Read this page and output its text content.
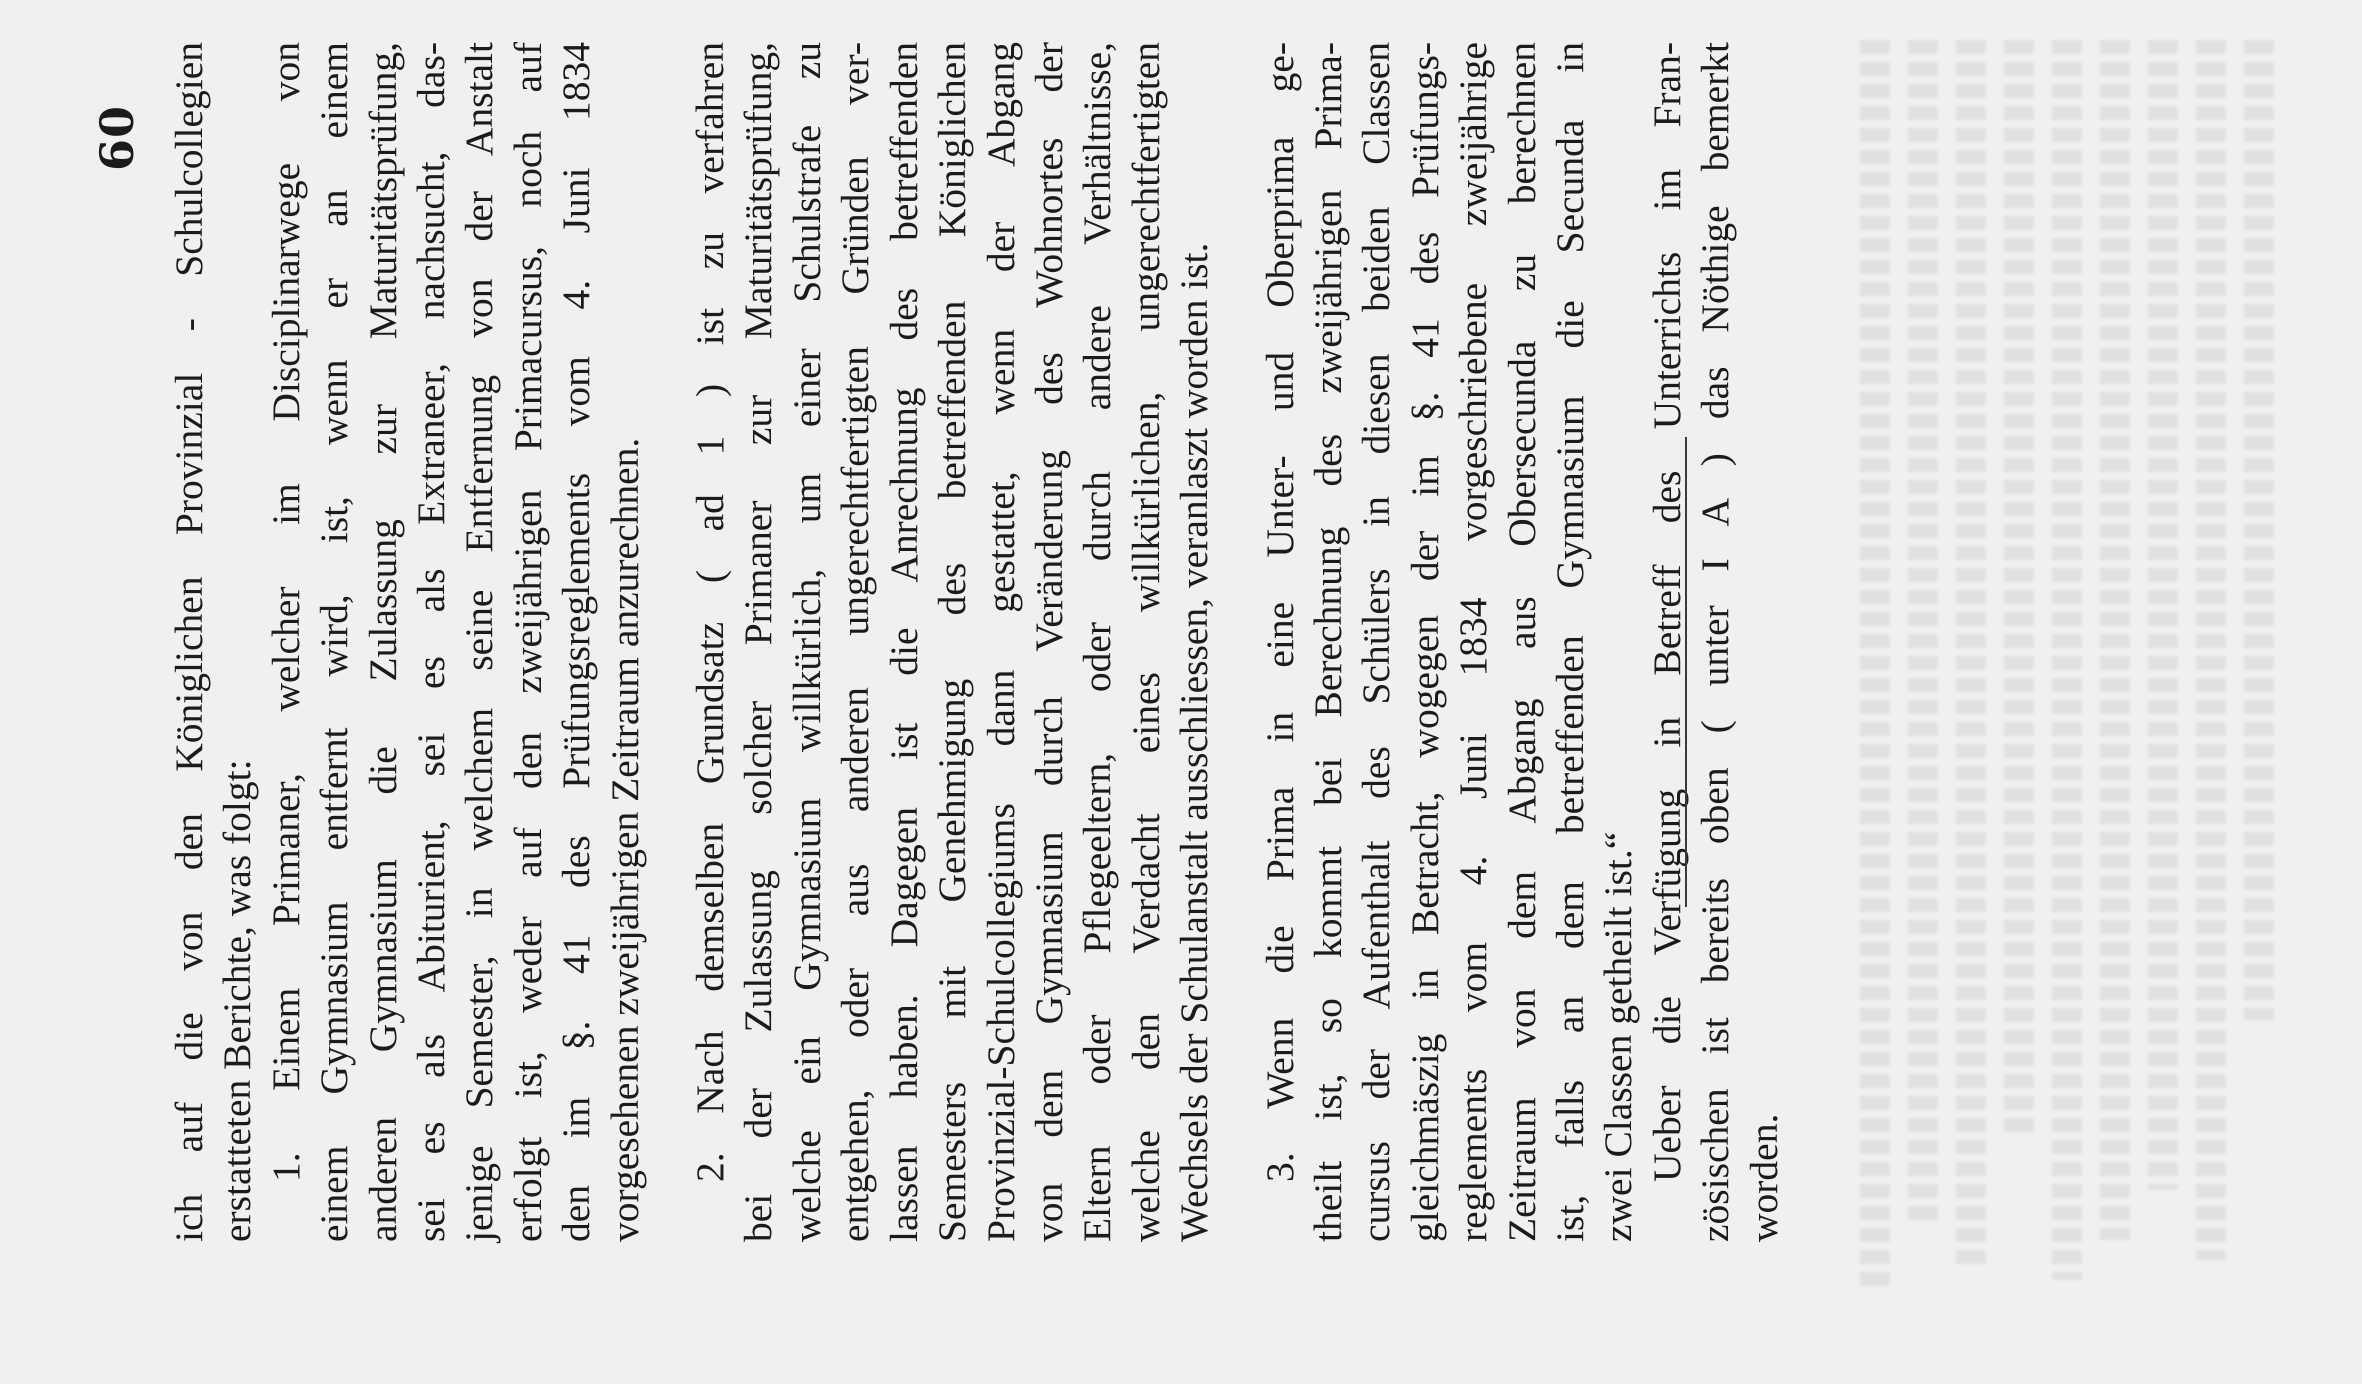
60 ich auf die von den Königlichen Provinzial - Schulcollegien erstatteten Berichte, was folgt: 1. Einem Primaner, welcher im Disciplinarwege von einem Gymnasium entfernt wird, ist, wenn er an einem anderen Gymnasium die Zulassung zur Maturitätsprüfung, sei es als Abiturient, sei es als Extraneer, nachsucht, das- jenige Semester, in welchem seine Entfernung von der Anstalt erfolgt ist, weder auf den zweijährigen Primacursus, noch auf den im §. 41 des Prüfungsreglements vom 4. Juni 1834 vorgesehenen zweijährigen Zeitraum anzurechnen. 2. Nach demselben Grundsatz ( ad 1 ) ist zu verfahren bei der Zulassung solcher Primaner zur Maturitätsprüfung, welche ein Gymnasium willkürlich, um einer Schulstrafe zu entgehen, oder aus anderen ungerechtfertigten Gründen ver- lassen haben. Dagegen ist die Anrechnung des betreffenden Semesters mit Genehmigung des betreffenden Königlichen Provinzial-Schulcollegiums dann gestattet, wenn der Abgang von dem Gymnasium durch Veränderung des Wohnortes der Eltern oder Pflegeeltern, oder durch andere Verhältnisse, welche den Verdacht eines willkürlichen, ungerechtfertigten Wechsels der Schulanstalt ausschliessen, veranlaszt worden ist. 3. Wenn die Prima in eine Unter- und Oberprima ge- theilt ist, so kommt bei Berechnung des zweijährigen Prima- cursus der Aufenthalt des Schülers in diesen beiden Classen gleichmäszig in Betracht, wogegen der im §. 41 des Prüfungs- reglements vom 4. Juni 1834 vorgeschriebene zweijährige Zeitraum von dem Abgang aus Obersecunda zu berechnen ist, falls an dem betreffenden Gymnasium die Secunda in zwei Classen getheilt ist.“ Ueber die Verfügung in Betreff des Unterrichts im Fran- zösischen ist bereits oben ( unter I A ) das Nöthige bemerkt worden.
